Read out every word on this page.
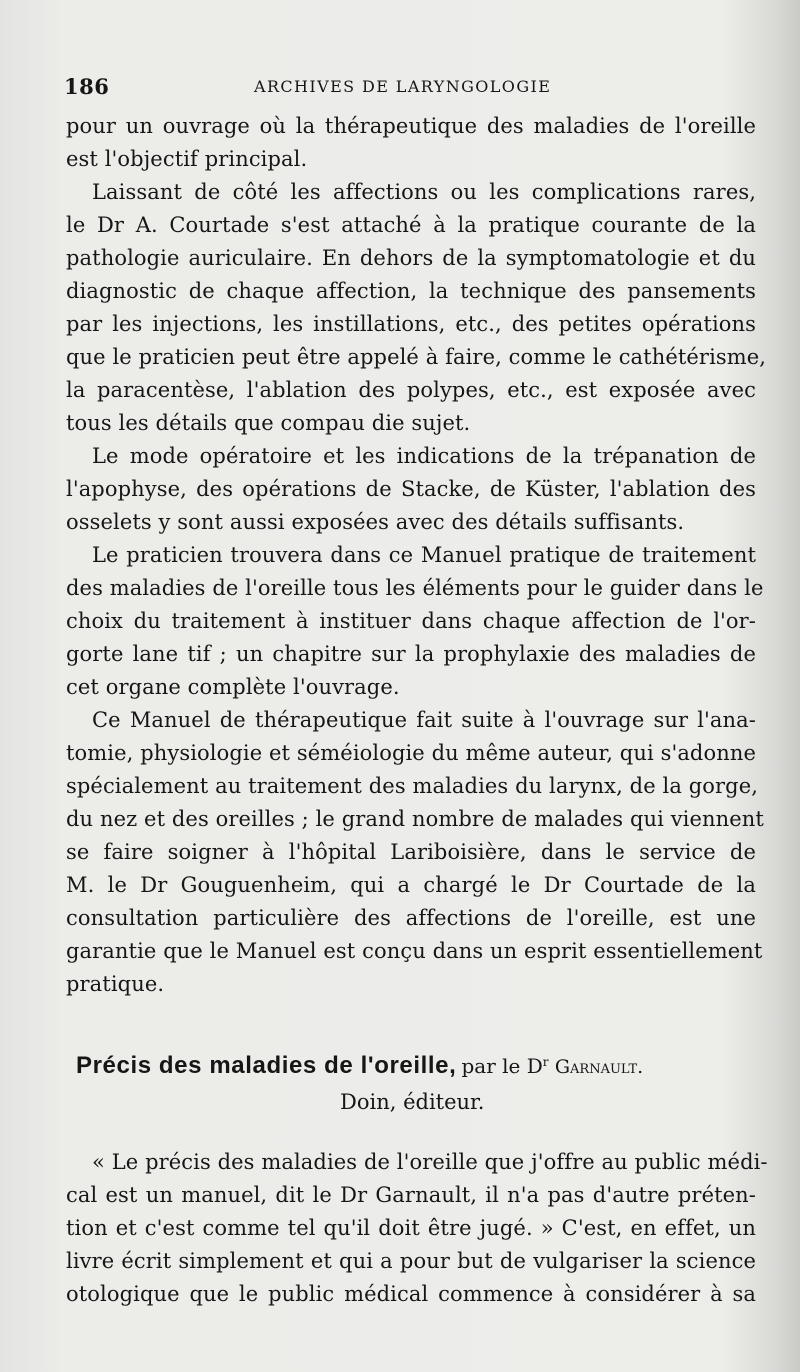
186	ARCHIVES DE LARYNGOLOGIE
pour un ouvrage où la thérapeutique des maladies de l'oreille
est l'objectif principal.
Laissant de côté les affections ou les complications rares,
le Dr A. Courtade s'est attaché à la pratique courante de la
pathologie auriculaire. En dehors de la symptomatologie et du
diagnostic de chaque affection, la technique des pansements
par les injections, les instillations, etc., des petites opérations
que le praticien peut être appelé à faire, comme le cathétérisme,
la paracentèse, l'ablation des polypes, etc., est exposée avec
tous les détails que compau die sujet.
Le mode opératoire et les indications de la trépanation de
l'apophyse, des opérations de Stacke, de Küster, l'ablation des
osselets y sont aussi exposées avec des détails suffisants.
Le praticien trouvera dans ce Manuel pratique de traitement
des maladies de l'oreille tous les éléments pour le guider dans le
choix du traitement à instituer dans chaque affection de l'or-
gorte lane tif ; un chapitre sur la prophylaxie des maladies de
cet organe complète l'ouvrage.
Ce Manuel de thérapeutique fait suite à l'ouvrage sur l'ana-
tomie, physiologie et séméiologie du même auteur, qui s'adonne
spécialement au traitement des maladies du larynx, de la gorge,
du nez et des oreilles ; le grand nombre de malades qui viennent
se faire soigner à l'hôpital Lariboisière, dans le service de
M. le Dr Gouguenheim, qui a chargé le Dr Courtade de la
consultation particulière des affections de l'oreille, est une
garantie que le Manuel est conçu dans un esprit essentiellement
pratique.
Précis des maladies de l'oreille, par le $D^r$ Garnault.
Doin, éditeur.
« Le précis des maladies de l'oreille que j'offre au public médi-
cal est un manuel, dit le Dr Garnault, il n'a pas d'autre préten-
tion et c'est comme tel qu'il doit être jugé. » C'est, en effet, un
livre écrit simplement et qui a pour but de vulgariser la science
otologique que le public médical commence à considérer à sa
